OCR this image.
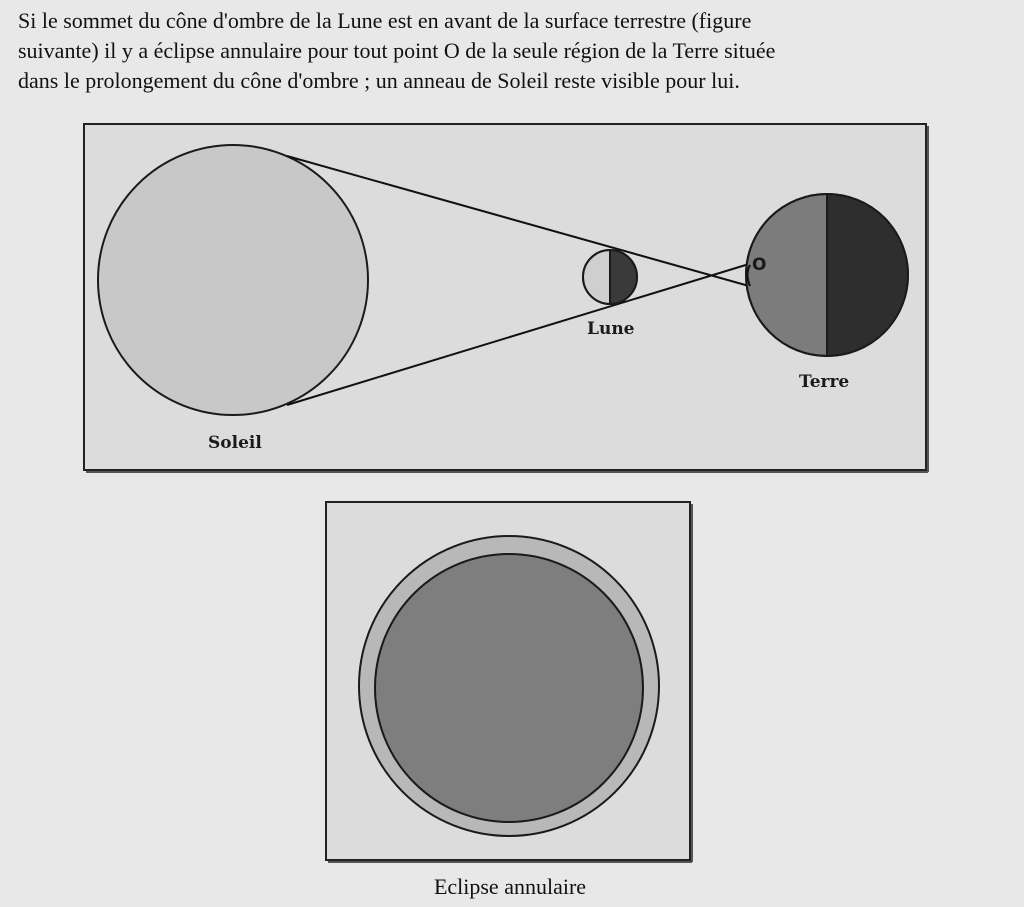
Si le sommet du cône d'ombre de la Lune est en avant de la surface terrestre (figure
suivante) il y a éclipse annulaire pour tout point O de la seule région de la Terre située
dans le prolongement du cône d'ombre ; un anneau de Soleil reste visible pour lui.
O
Lune
Terre
Soleil
Eclipse annulaire
